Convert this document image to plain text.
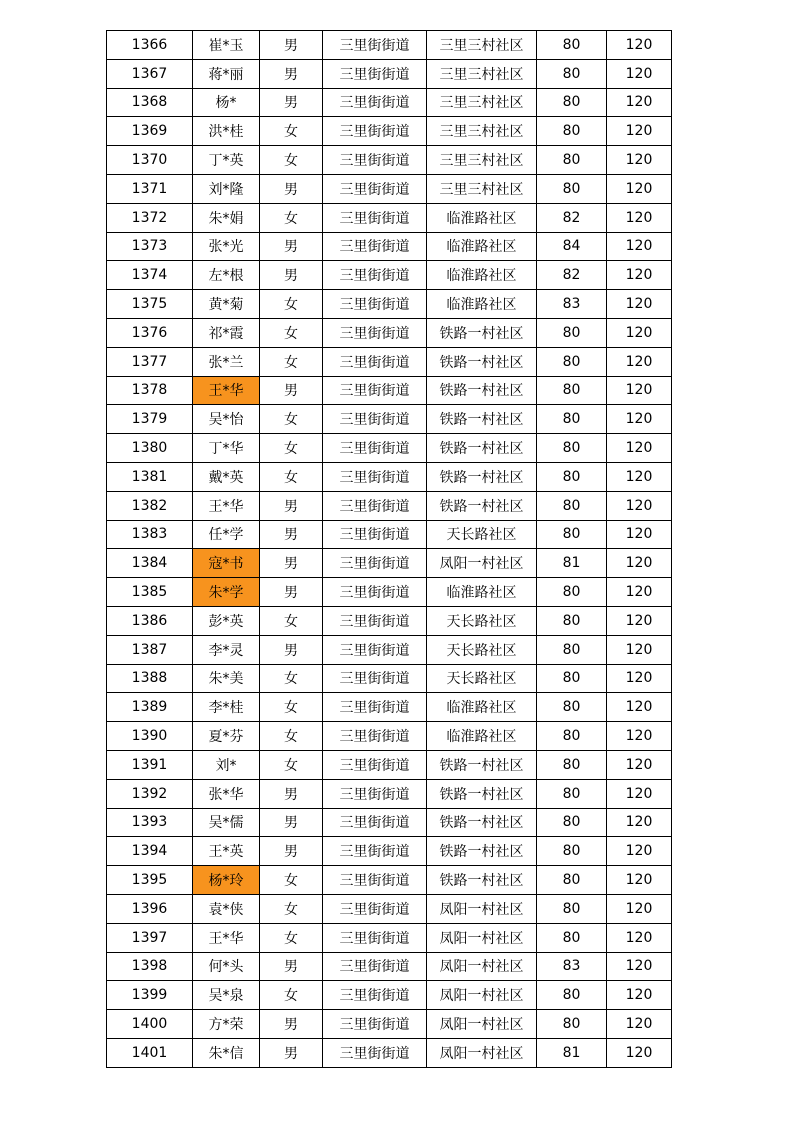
1366	崔*玉	男	三里街街道	三里三村社区	80	120
1367	蒋*丽	男	三里街街道	三里三村社区	80	120
1368	杨*	男	三里街街道	三里三村社区	80	120
1369	洪*桂	女	三里街街道	三里三村社区	80	120
1370	丁*英	女	三里街街道	三里三村社区	80	120
1371	刘*隆	男	三里街街道	三里三村社区	80	120
1372	朱*娟	女	三里街街道	临淮路社区	82	120
1373	张*光	男	三里街街道	临淮路社区	84	120
1374	左*根	男	三里街街道	临淮路社区	82	120
1375	黄*菊	女	三里街街道	临淮路社区	83	120
1376	祁*霞	女	三里街街道	铁路一村社区	80	120
1377	张*兰	女	三里街街道	铁路一村社区	80	120
1378	王*华	男	三里街街道	铁路一村社区	80	120
1379	吴*怡	女	三里街街道	铁路一村社区	80	120
1380	丁*华	女	三里街街道	铁路一村社区	80	120
1381	戴*英	女	三里街街道	铁路一村社区	80	120
1382	王*华	男	三里街街道	铁路一村社区	80	120
1383	任*学	男	三里街街道	天长路社区	80	120
1384	寇*书	男	三里街街道	凤阳一村社区	81	120
1385	朱*学	男	三里街街道	临淮路社区	80	120
1386	彭*英	女	三里街街道	天长路社区	80	120
1387	李*灵	男	三里街街道	天长路社区	80	120
1388	朱*美	女	三里街街道	天长路社区	80	120
1389	李*桂	女	三里街街道	临淮路社区	80	120
1390	夏*芬	女	三里街街道	临淮路社区	80	120
1391	刘*	女	三里街街道	铁路一村社区	80	120
1392	张*华	男	三里街街道	铁路一村社区	80	120
1393	吴*儒	男	三里街街道	铁路一村社区	80	120
1394	王*英	男	三里街街道	铁路一村社区	80	120
1395	杨*玲	女	三里街街道	铁路一村社区	80	120
1396	袁*侠	女	三里街街道	凤阳一村社区	80	120
1397	王*华	女	三里街街道	凤阳一村社区	80	120
1398	何*头	男	三里街街道	凤阳一村社区	83	120
1399	吴*泉	女	三里街街道	凤阳一村社区	80	120
1400	方*荣	男	三里街街道	凤阳一村社区	80	120
1401	朱*信	男	三里街街道	凤阳一村社区	81	120
